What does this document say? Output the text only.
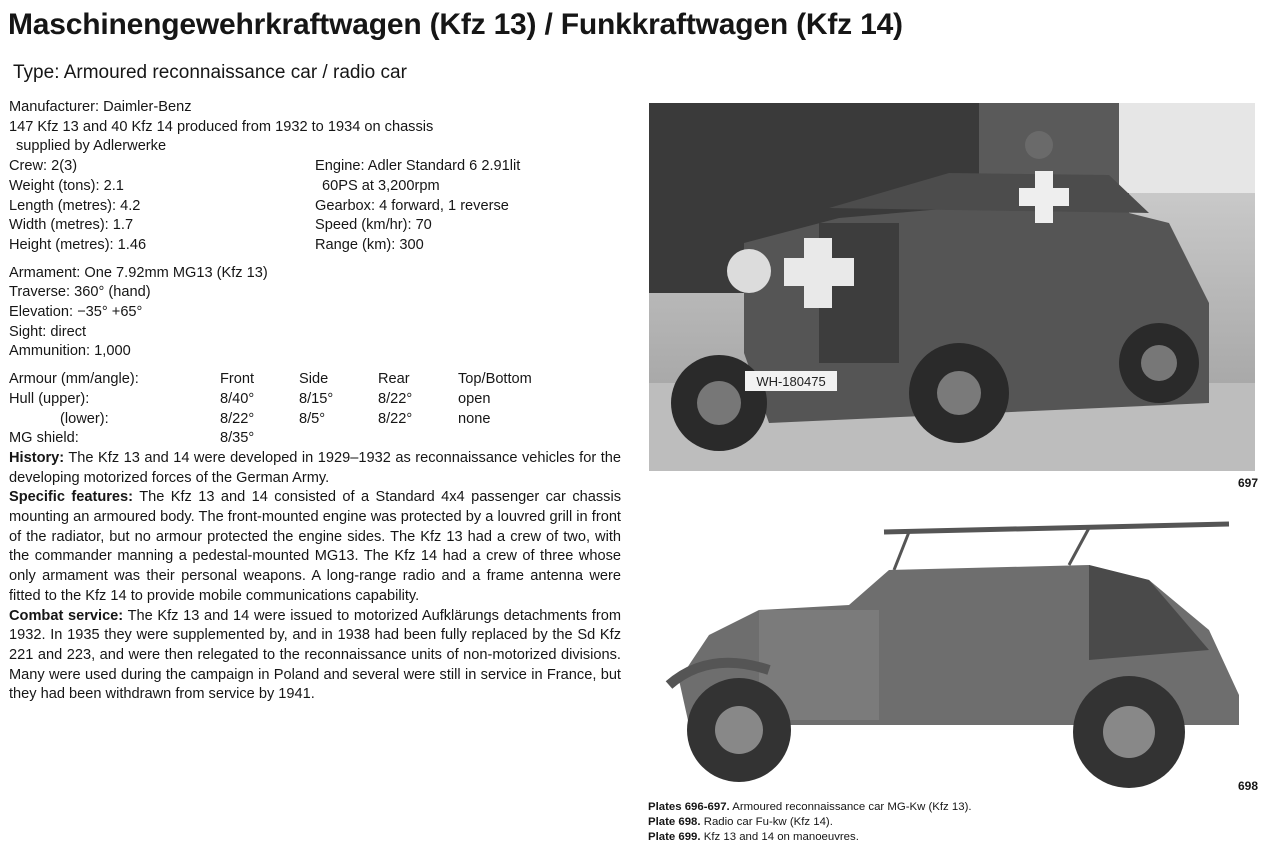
Maschinengewehrkraftwagen (Kfz 13) / Funkkraftwagen (Kfz 14)
Type: Armoured reconnaissance car / radio car
Manufacturer: Daimler-Benz
147 Kfz 13 and 40 Kfz 14 produced from 1932 to 1934 on chassis
supplied by Adlerwerke
Crew: 2(3)
Weight (tons): 2.1
Length (metres): 4.2
Width (metres): 1.7
Height (metres): 1.46
Engine: Adler Standard 6 2.91lit
60PS at 3,200rpm
Gearbox: 4 forward, 1 reverse
Speed (km/hr): 70
Range (km): 300
Armament: One 7.92mm MG13 (Kfz 13)
Traverse: 360° (hand)
Elevation: −35° +65°
Sight: direct
Ammunition: 1,000
Armour (mm/angle):	Front	Side	Rear	Top/Bottom
Hull (upper):	8/40°	8/15°	8/22°	open
(lower):	8/22°	8/5°	8/22°	none
MG shield:	8/35°

History: The Kfz 13 and 14 were developed in 1929–1932 as reconnaissance vehicles for the developing motorized forces of the German Army.

Specific features: The Kfz 13 and 14 consisted of a Standard 4x4 passenger car chassis mounting an armoured body. The front-mounted engine was protected by a louvred grill in front of the radiator, but no armour protected the engine sides. The Kfz 13 had a crew of two, with the commander manning a pedestal-mounted MG13. The Kfz 14 had a crew of three whose only armament was their personal weapons. A long-range radio and a frame antenna were fitted to the Kfz 14 to provide mobile communications capability.

Combat service: The Kfz 13 and 14 were issued to motorized Aufklärungs detachments from 1932. In 1935 they were supplemented by, and in 1938 had been fully replaced by the Sd Kfz 221 and 223, and were then relegated to the reconnaissance units of non-motorized divisions. Many were used during the campaign in Poland and several were still in service in France, but they had been withdrawn from service by 1941.

WH-180475
697
698
Plates 696-697. Armoured reconnaissance car MG-Kw (Kfz 13).
Plate 698. Radio car Fu-kw (Kfz 14).
Plate 699. Kfz 13 and 14 on manoeuvres.
